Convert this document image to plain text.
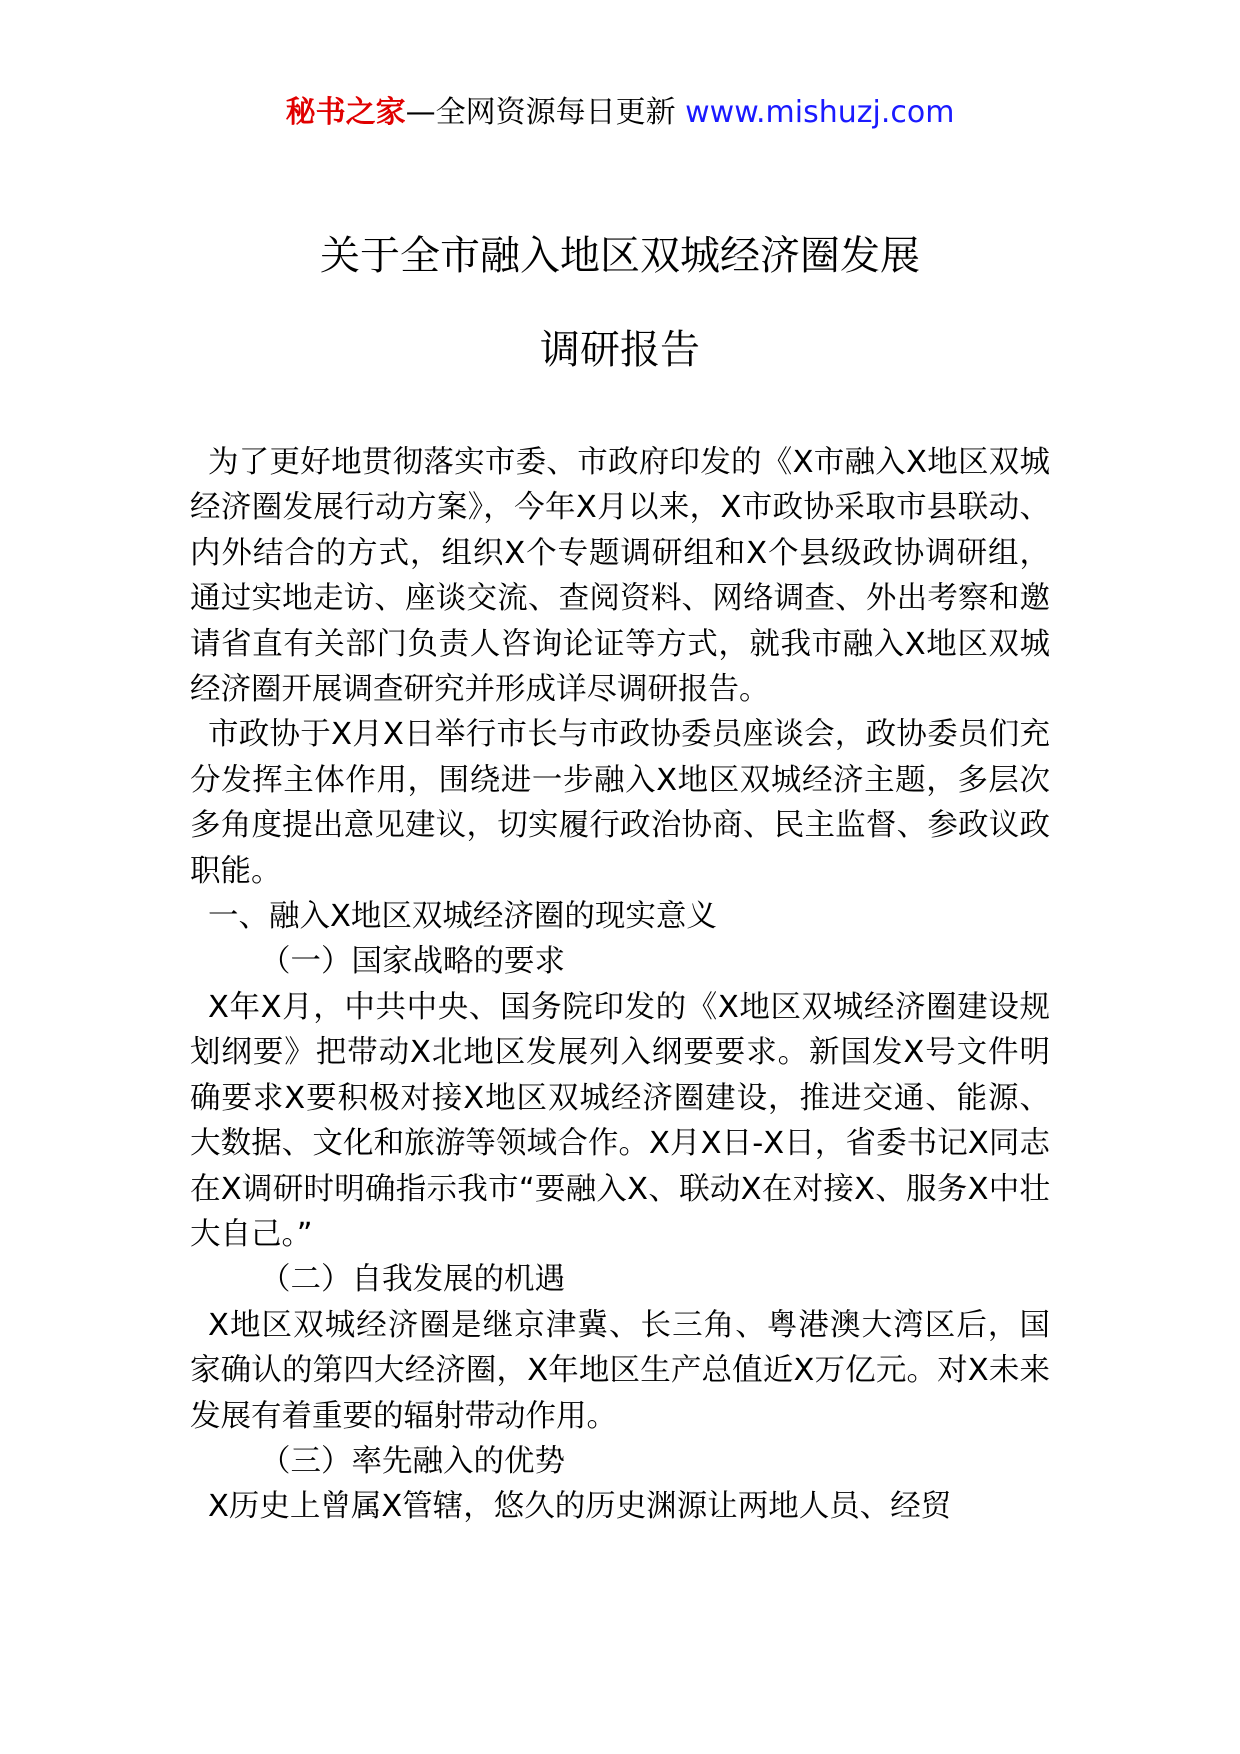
秘书之家—全网资源每日更新 www.mishuzj.com
关于全市融入地区双城经济圈发展
调研报告

为了更好地贯彻落实市委、市政府印发的《X市融入X地区双城经济圈发展行动方案》，今年X月以来，X市政协采取市县联动、内外结合的方式，组织X个专题调研组和X个县级政协调研组，通过实地走访、座谈交流、查阅资料、网络调查、外出考察和邀请省直有关部门负责人咨询论证等方式，就我市融入X地区双城经济圈开展调查研究并形成详尽调研报告。

市政协于X月X日举行市长与市政协委员座谈会，政协委员们充分发挥主体作用，围绕进一步融入X地区双城经济主题，多层次多角度提出意见建议，切实履行政治协商、民主监督、参政议政职能。

一、融入X地区双城经济圈的现实意义

（一）国家战略的要求

X年X月，中共中央、国务院印发的《X地区双城经济圈建设规划纲要》把带动X北地区发展列入纲要要求。新国发X号文件明确要求X要积极对接X地区双城经济圈建设，推进交通、能源、大数据、文化和旅游等领域合作。X月X日-X日，省委书记X同志在X调研时明确指示我市“要融入X、联动X在对接X、服务X中壮大自己。”

（二）自我发展的机遇

X地区双城经济圈是继京津冀、长三角、粤港澳大湾区后，国家确认的第四大经济圈，X年地区生产总值近X万亿元。对X未来发展有着重要的辐射带动作用。

（三）率先融入的优势

X历史上曾属X管辖，悠久的历史渊源让两地人员、经贸
